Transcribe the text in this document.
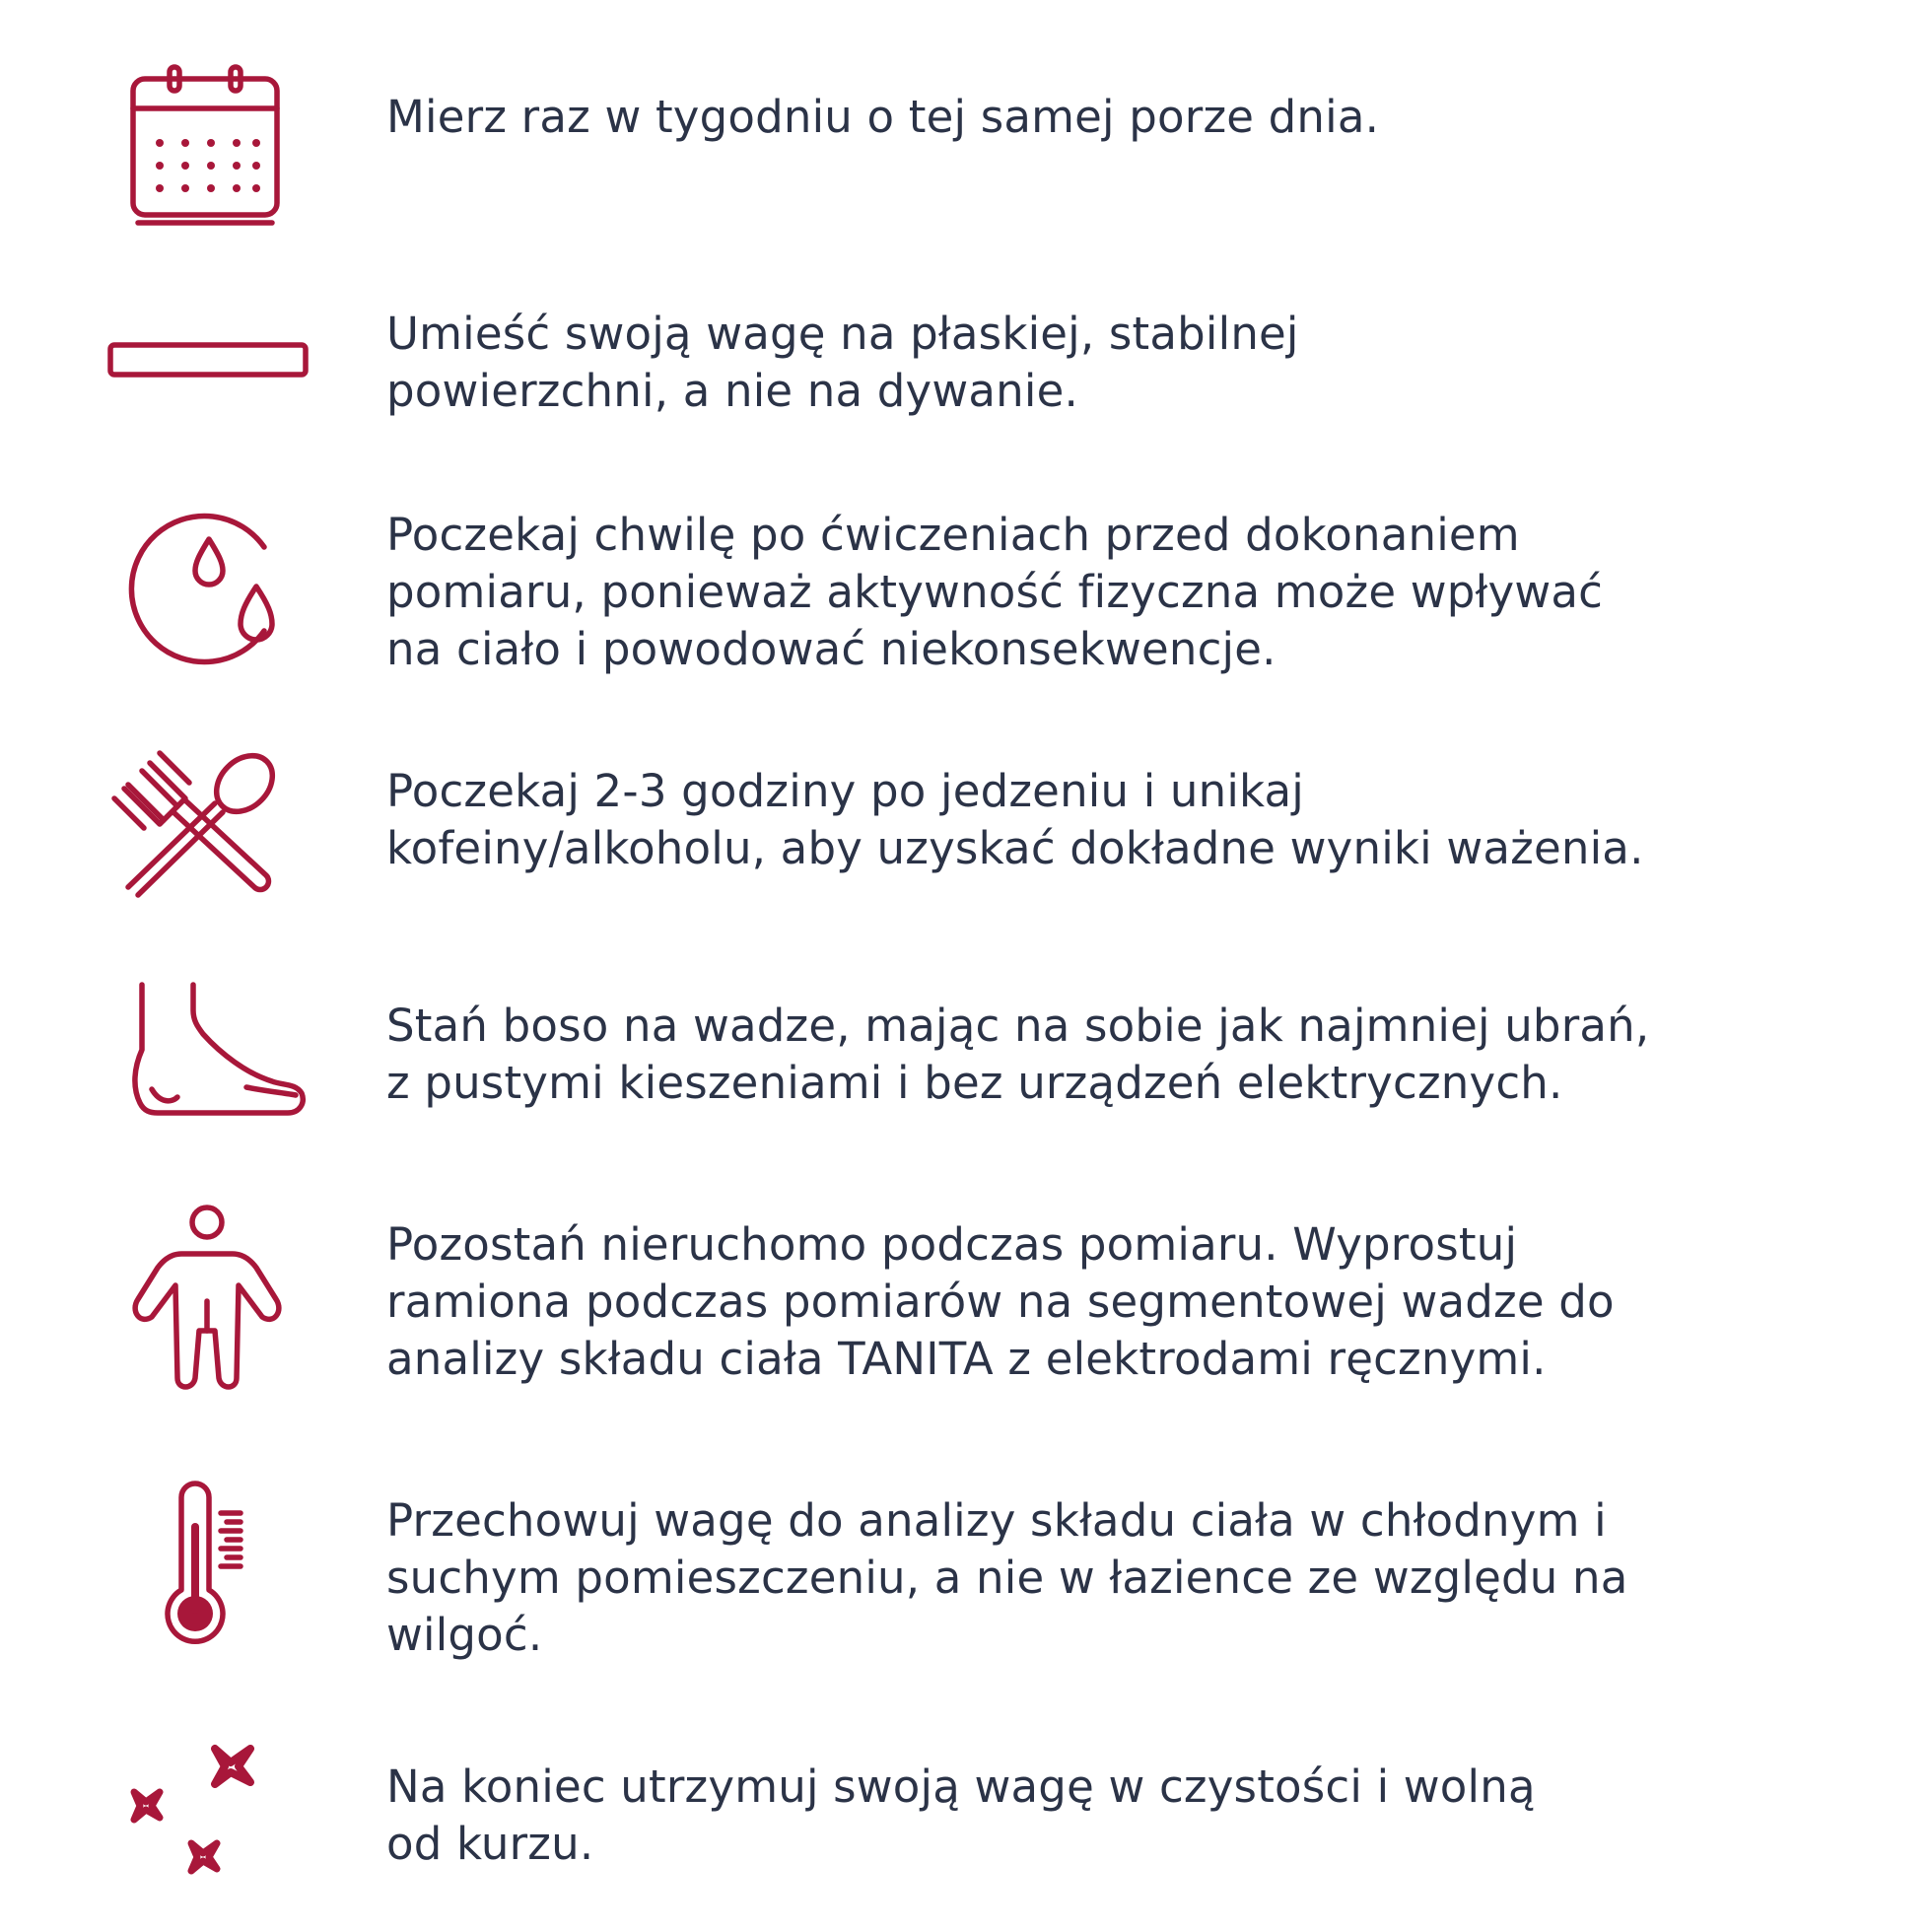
Mierz raz w tygodniu o tej samej porze dnia.

Umieść swoją wagę na płaskiej, stabilnej
powierzchni, a nie na dywanie.

Poczekaj chwilę po ćwiczeniach przed dokonaniem
pomiaru, ponieważ aktywność fizyczna może wpływać
na ciało i powodować niekonsekwencje.

Poczekaj 2-3 godziny po jedzeniu i unikaj
kofeiny/alkoholu, aby uzyskać dokładne wyniki ważenia.

Stań boso na wadze, mając na sobie jak najmniej ubrań,
z pustymi kieszeniami i bez urządzeń elektrycznych.

Pozostań nieruchomo podczas pomiaru. Wyprostuj
ramiona podczas pomiarów na segmentowej wadze do
analizy składu ciała TANITA z elektrodami ręcznymi.

Przechowuj wagę do analizy składu ciała w chłodnym i
suchym pomieszczeniu, a nie w łazience ze względu na
wilgoć.

Na koniec utrzymuj swoją wagę w czystości i wolną
od kurzu.
